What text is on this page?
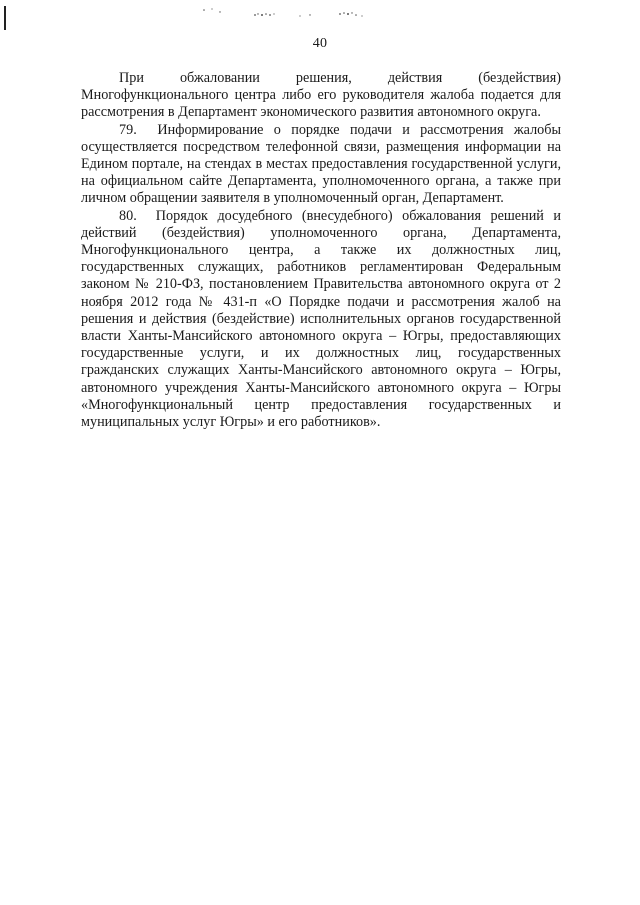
40

При обжаловании решения, действия (бездействия) Многофункционального центра либо его руководителя жалоба подается для рассмотрения в Департамент экономического развития автономного округа.

79.  Информирование о порядке подачи и рассмотрения жалобы осуществляется посредством телефонной связи, размещения информации на Едином портале, на стендах в местах предоставления государственной услуги, на официальном сайте Департамента, уполномоченного органа, а также при личном обращении заявителя в уполномоченный орган, Департамент.

80.  Порядок досудебного (внесудебного) обжалования решений и действий (бездействия) уполномоченного органа, Департамента, Многофункционального центра, а также их должностных лиц, государственных служащих, работников регламентирован Федеральным законом № 210-ФЗ, постановлением Правительства автономного округа от 2 ноября 2012 года № 431-п «О Порядке подачи и рассмотрения жалоб на решения и действия (бездействие) исполнительных органов государственной власти Ханты-Мансийского автономного округа – Югры, предоставляющих государственные услуги, и их должностных лиц, государственных гражданских служащих Ханты-Мансийского автономного округа – Югры, автономного учреждения Ханты-Мансийского автономного округа – Югры «Многофункциональный центр предоставления государственных и муниципальных услуг Югры» и его работников».
